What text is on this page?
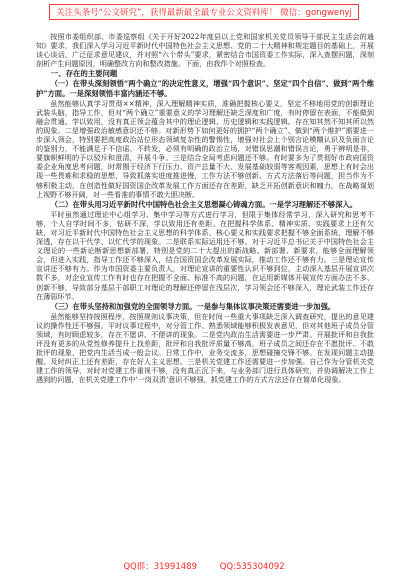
关注头条号“公文研究”，获得最新最全最专业公文资料库！ 微信：gongwenyj

按照市委组织部、市委巡察组《关于开好2022年度县以上党和国家机关党员领导干部民主生活会的通知》要求，我们深入学习习近平新时代中国特色社会主义思想、党的二十大精神和规定题目的基础上，开展谈心谈话，广泛征求意见建议，并对照“六个带头”要求，紧密结合市国资委工作实际，深入查摆问题，深刻剖析产生问题原因，明确整改方向和整改措施。下面，由我作个对照检查。

一、存在的主要问题

（一）在带头深刻领悟“两个确立”的决定性意义，增强“四个意识”、坚定“四个自信”、做到“两个维护”方面。一是深刻领悟丰富内涵还不够。

虽然能够认真学习贯彻××精神，深入理解精神实质，准确把握核心要义，坚定不移地用党的创新理论武装头脑，指导工作，但对“两个确立”重要意义的学习理解还缺乏深度和广度，有时停留在表面，不能做到融会贯通、学以致用，没有真正领会蕴含其中的理论逻辑、历史逻辑和实践逻辑。存在知其然不知其所以然的现象。二是增强政治敏感意识还不够。对新形势下如何更好的拥护“两个确立”、做到“两个维护”需要进一步深入领会，特别要把高度政治站位形态领域复杂性的警惕性，增强对社会上个别言论模糊认识及负面言论的鉴别力，不能满足于不信谣、不转发，必须有明确的政治立场，对错误思潮和错误言论，勇于辨明是非，要旗帜鲜明的予以驳斥和澄清，开展斗争。三是结合全局考虑问题还不够。有时要多为了贯彻好市政府国资委企业角度思考问题，时常囿于经济下行压力、资产总量不大、发展基础较弱等客观因素，思想上有时会出现一些畏难和求稳的思想，导致抓落实进度推进慢，工作方法不够创新、方式方法落后等问题，担当作为不够积极主动，在创造性做好国资国企改革发展工作方面还存在差距，缺乏开拓创新意识和魄力，在战略谋划上视野不够开阔，对一些看准的事情不敢大胆决断。

（二）在带头用习近平新时代中国特色社会主义思想凝心铸魂方面。一是学习理解还不够深入。

平时虽然通过理论中心组学习、集中学习等方式进行学习，但限于集体经常学习，深入研究和思考不够，个人自学时间不多，钻研不深，学以致用还有差距。在把握科学体系、精神实质、实践要求上还有欠缺，对习近平新时代中国特色社会主义思想的科学体系、核心要义和实践要求把握不够全面系统，理解不够深透，存在以干代学、以忙代学的现象。二是联系实际运用还不够。对于习近平总书记关于中国特色社会主义理论的一些新论断新思想新部署，特别是党的二十大提出的新战略、新部署、新要求，能够全面理解领会，但进入实践，指导工作还不够深入，结合国资国企改革发展实际，推动工作还不够有力。三是理论宣传宣讲还不够有力。作为市国资委主要负责人，对理论宣讲的重要性认识不够到位，主动深入基层开展宣讲次数不多，对企业宣传工作有时也存在把握不全面、标准不高的问题，在运用新媒体开展宣传方面办法不多、创新不够，导致部分基层干部职工对理论的理解还停留在浅层次，学习领会还不够深入，理论武装工作还存在薄弱环节。

（三）在带头坚持和加强党的全面领导方面。一是参与集体议事决策还需要进一步加强。

虽然能够坚持按照程序，按照规则议事决策，但在时间一些重大事项缺乏深入调查研究，提出的意见建议的操作性还不够强，平时议事过程中，对分管工作、熟悉领域能够积极发表意见，但对其他班子成员分管领域，有时顾虑较多，存在不愿讲、不便讲的现象。二是党内政治生活需要进一步严肃。开展批评和自我批评没有更多的从党性修养提升上找差距，批评和自我批评质量不够高，班子成员之间还存在不愿批评、不敢批评的现象，把党内生活当成一般会议。日常工作中，业务交流多，思想碰撞交锋不够。在发现问题主动提醒、及时纠正上还有差距，存在好人主义思想。三是机关党建工作还需要进一步加强。自己作为分管机关党建工作的领导，对时对党建工作重视不够，没有真正沉下来，与业务部门进行具体研究，并协调解决工作上遇到的问题，在机关党建工作中‘一岗双责’意识不够强，抓党建工作的方式方法还存在简单化现象。

QQ群：31991489	QQ:535304092
